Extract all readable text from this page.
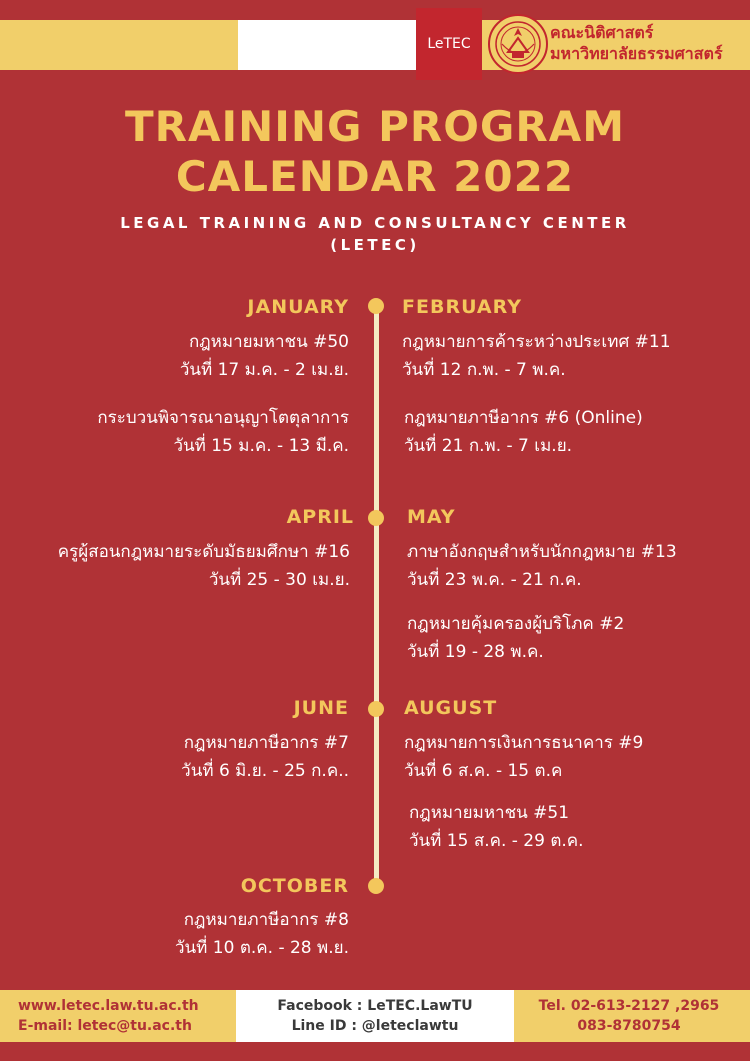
LeTEC
คณะนิติศาสตร์
มหาวิทยาลัยธรรมศาสตร์
TRAINING PROGRAM
CALENDAR 2022
LEGAL TRAINING AND CONSULTANCY CENTER
(LETEC)
JANUARY
กฎหมายมหาชน #50
วันที่ 17 ม.ค. - 2 เม.ย.
กระบวนพิจารณาอนุญาโตตุลาการ
วันที่ 15 ม.ค. - 13 มี.ค.
FEBRUARY
กฎหมายการค้าระหว่างประเทศ #11
วันที่ 12 ก.พ. - 7 พ.ค.
กฎหมายภาษีอากร #6 (Online)
วันที่ 21 ก.พ. - 7 เม.ย.
APRIL
ครูผู้สอนกฎหมายระดับมัธยมศึกษา #16
วันที่ 25 - 30 เม.ย.
MAY
ภาษาอังกฤษสำหรับนักกฎหมาย #13
วันที่ 23 พ.ค. - 21 ก.ค.
กฎหมายคุ้มครองผู้บริโภค #2
วันที่ 19 - 28 พ.ค.
JUNE
กฎหมายภาษีอากร #7
วันที่ 6 มิ.ย. - 25 ก.ค..
AUGUST
กฎหมายการเงินการธนาคาร #9
วันที่ 6 ส.ค. - 15 ต.ค
กฎหมายมหาชน #51
วันที่ 15 ส.ค. - 29 ต.ค.
OCTOBER
กฎหมายภาษีอากร #8
วันที่ 10 ต.ค. - 28 พ.ย.
www.letec.law.tu.ac.th
E-mail: letec@tu.ac.th
Facebook : LeTEC.LawTU
Line ID : @leteclawtu
Tel. 02-613-2127 ,2965
083-8780754
